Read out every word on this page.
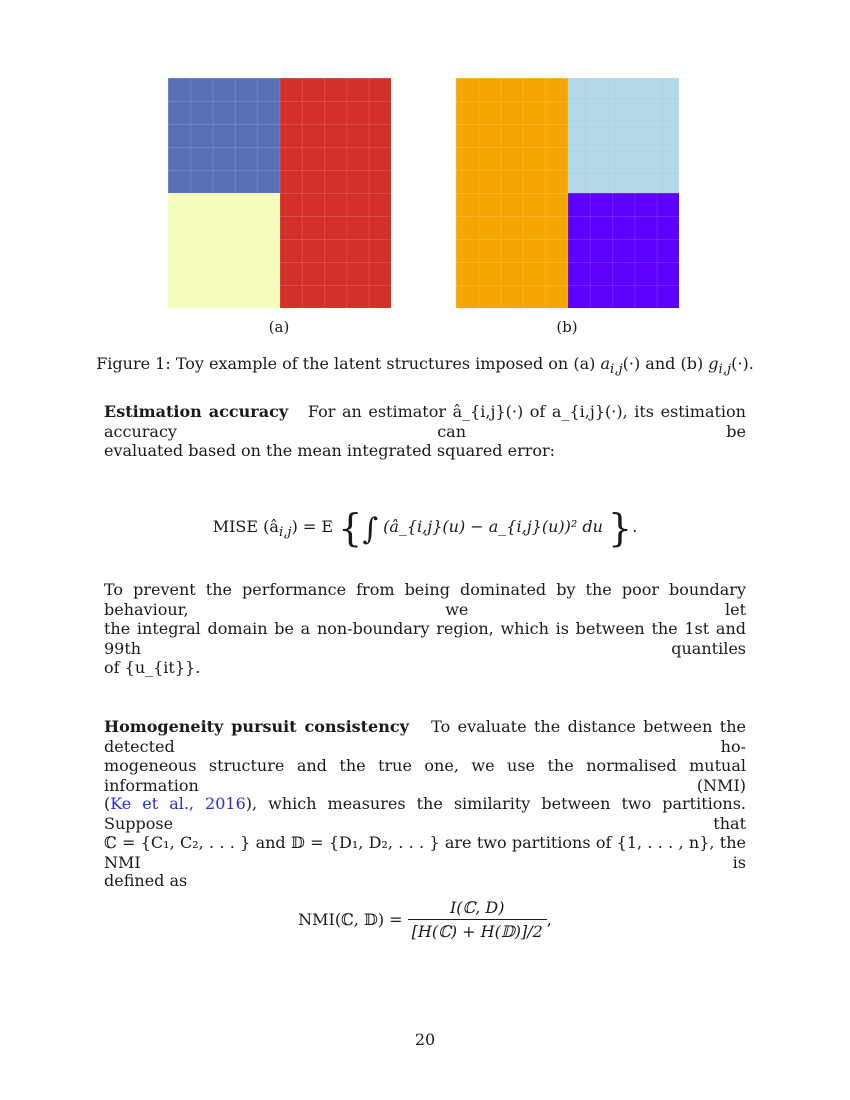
(a)	(b)
Figure 1: Toy example of the latent structures imposed on (a) $a_{i,j}(\cdot)$ and (b) $g_{i,j}(\cdot)$.
Estimation accuracy For an estimator â_{i,j}(·) of a_{i,j}(·), its estimation accuracy can be
evaluated based on the mean integrated squared error:
MISE $(â_{i,j}) = E$ {∫ (â_{i,j}(u) − a_{i,j}(u))² du }.
To prevent the performance from being dominated by the poor boundary behaviour, we let
the integral domain be a non-boundary region, which is between the 1st and 99th quantiles
of {u_{it}}.
Homogeneity pursuit consistency To evaluate the distance between the detected ho-
mogeneous structure and the true one, we use the normalised mutual information (NMI)
(Ke et al., 2016), which measures the similarity between two partitions. Suppose that
ℂ = {C₁, C₂, . . . } and 𝔻 = {D₁, D₂, . . . } are two partitions of {1, . . . , n}, the NMI is
defined as
NMI(ℂ, 𝔻) = $\frac{\text{I(ℂ, D)}}{\text{[H(ℂ) + H(𝔻)]/2}}$ ,
20
